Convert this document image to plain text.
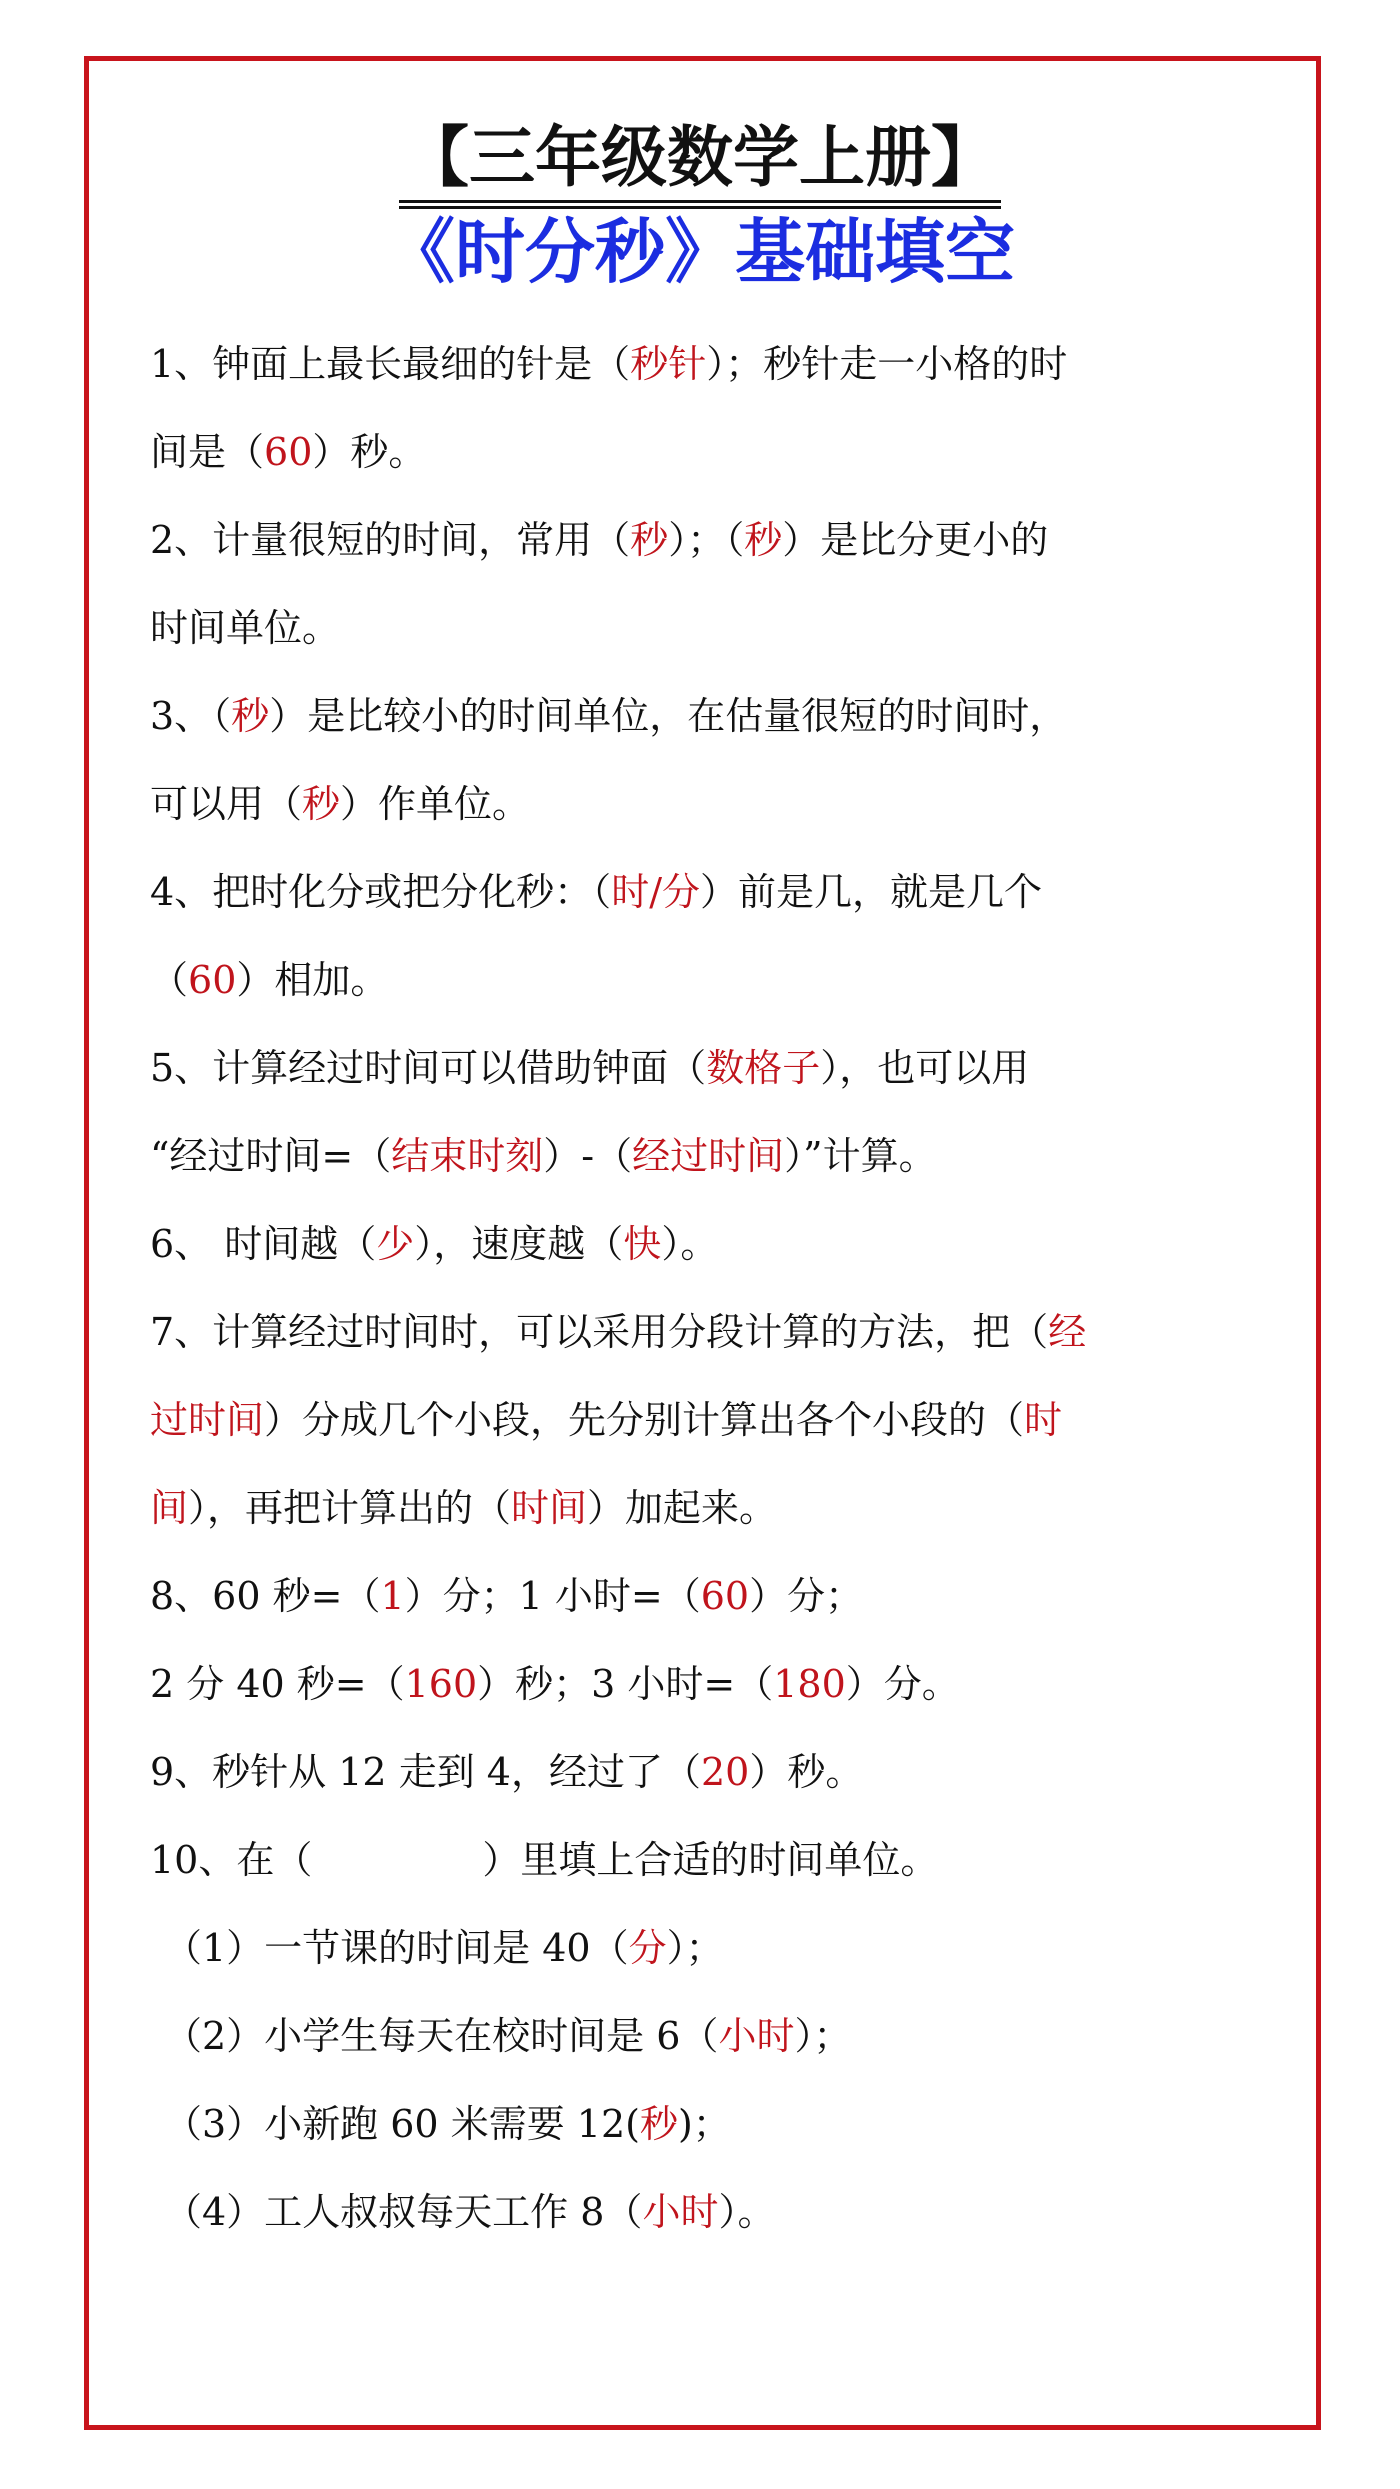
【三年级数学上册】
《时分秒》基础填空
1、钟面上最长最细的针是（秒针）；秒针走一小格的时
间是（60）秒。
2、计量很短的时间，常用（秒）；（秒）是比分更小的
时间单位。
3、（秒）是比较小的时间单位，在估量很短的时间时，
可以用（秒）作单位。
4、把时化分或把分化秒：（时/分）前是几，就是几个
（60）相加。
5、计算经过时间可以借助钟面（数格子），也可以用
“经过时间=（结束时刻）-（经过时间）”计算。
6、 时间越（少），速度越（快）。
7、计算经过时间时，可以采用分段计算的方法，把（经
过时间）分成几个小段，先分别计算出各个小段的（时
间），再把计算出的（时间）加起来。
8、60 秒=（1）分；1 小时=（60）分；
2 分 40 秒=（160）秒；3 小时=（180）分。
9、秒针从 12 走到 4，经过了（20）秒。
10、在（	）里填上合适的时间单位。
（1）一节课的时间是 40（分）；
（2）小学生每天在校时间是 6（小时）；
（3）小新跑 60 米需要 12(秒)；
（4）工人叔叔每天工作 8（小时）。
